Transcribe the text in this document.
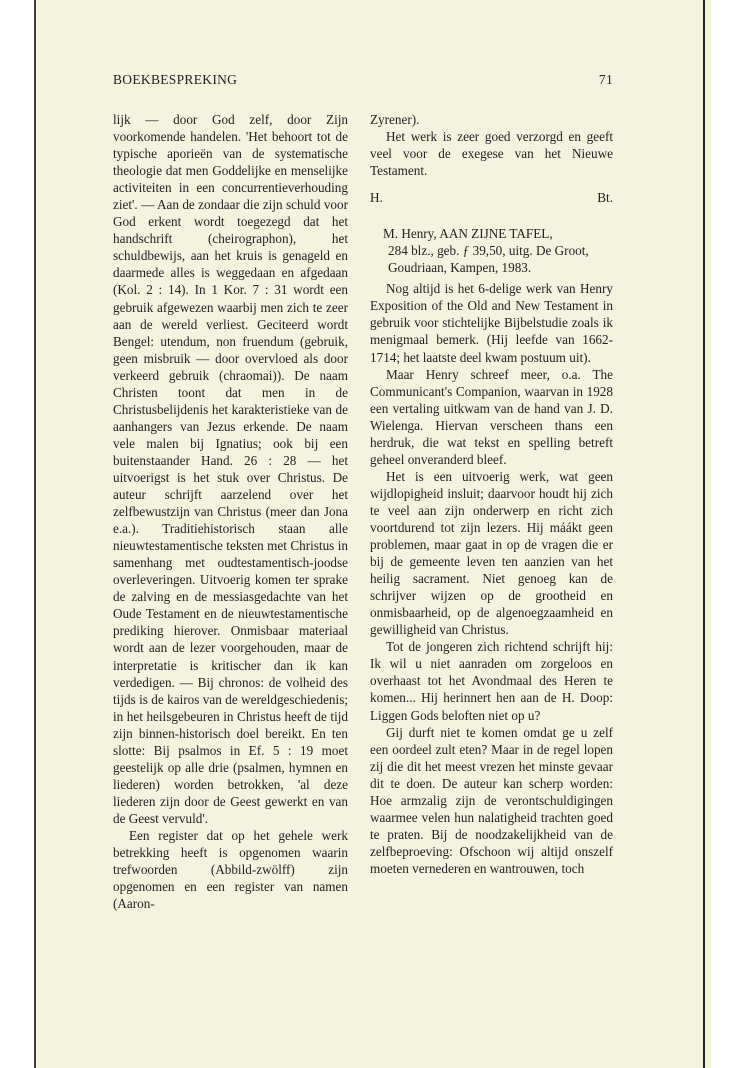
BOEKBESPREKING	71

lijk — door God zelf, door Zijn voorkomende handelen. 'Het behoort tot de typische aporieën van de systematische theologie dat men Goddelijke en menselijke activiteiten in een concurrentieverhouding ziet'. — Aan de zondaar die zijn schuld voor God erkent wordt toegezegd dat het handschrift (cheirographon), het schuldbewijs, aan het kruis is genageld en daarmede alles is weggedaan en afgedaan (Kol. 2 : 14). In 1 Kor. 7 : 31 wordt een gebruik afgewezen waarbij men zich te zeer aan de wereld verliest. Geciteerd wordt Bengel: utendum, non fruendum (gebruik, geen misbruik — door overvloed als door verkeerd gebruik (chraomai)). De naam Christen toont dat men in de Christusbelijdenis het karakteristieke van de aanhangers van Jezus erkende. De naam vele malen bij Ignatius; ook bij een buitenstaander Hand. 26 : 28 — het uitvoerigst is het stuk over Christus. De auteur schrijft aarzelend over het zelfbewustzijn van Christus (meer dan Jona e.a.). Traditiehistorisch staan alle nieuwtestamentische teksten met Christus in samenhang met oudtestamentisch-joodse overleveringen. Uitvoerig komen ter sprake de zalving en de messiasgedachte van het Oude Testament en de nieuwtestamentische prediking hierover. Onmisbaar materiaal wordt aan de lezer voorgehouden, maar de interpretatie is kritischer dan ik kan verdedigen. — Bij chronos: de volheid des tijds is de kairos van de wereldgeschiedenis; in het heilsgebeuren in Christus heeft de tijd zijn binnen-historisch doel bereikt. En ten slotte: Bij psalmos in Ef. 5 : 19 moet geestelijk op alle drie (psalmen, hymnen en liederen) worden betrokken, 'al deze liederen zijn door de Geest gewerkt en van de Geest vervuld'.

Een register dat op het gehele werk betrekking heeft is opgenomen waarin trefwoorden (Abbild-zwölff) zijn opgenomen en een register van namen (Aaron-

Zyrener).

Het werk is zeer goed verzorgd en geeft veel voor de exegese van het Nieuwe Testament.

H.	Bt.

M. Henry, AAN ZIJNE TAFEL,

284 blz., geb. ƒ 39,50, uitg. De Groot, Goudriaan, Kampen, 1983.

Nog altijd is het 6-delige werk van Henry Exposition of the Old and New Testament in gebruik voor stichtelijke Bijbelstudie zoals ik menigmaal bemerk. (Hij leefde van 1662-1714; het laatste deel kwam postuum uit).

Maar Henry schreef meer, o.a. The Communicant's Companion, waarvan in 1928 een vertaling uitkwam van de hand van J. D. Wielenga. Hiervan verscheen thans een herdruk, die wat tekst en spelling betreft geheel onveranderd bleef.

Het is een uitvoerig werk, wat geen wijdlopigheid insluit; daarvoor houdt hij zich te veel aan zijn onderwerp en richt zich voortdurend tot zijn lezers. Hij máákt geen problemen, maar gaat in op de vragen die er bij de gemeente leven ten aanzien van het heilig sacrament. Niet genoeg kan de schrijver wijzen op de grootheid en onmisbaarheid, op de algenoegzaamheid en gewilligheid van Christus.

Tot de jongeren zich richtend schrijft hij: Ik wil u niet aanraden om zorgeloos en overhaast tot het Avondmaal des Heren te komen... Hij herinnert hen aan de H. Doop: Liggen Gods beloften niet op u?

Gij durft niet te komen omdat ge u zelf een oordeel zult eten? Maar in de regel lopen zij die dit het meest vrezen het minste gevaar dit te doen. De auteur kan scherp worden: Hoe armzalig zijn de verontschuldigingen waarmee velen hun nalatigheid trachten goed te praten. Bij de noodzakelijkheid van de zelfbeproeving: Ofschoon wij altijd onszelf moeten vernederen en wantrouwen, toch
